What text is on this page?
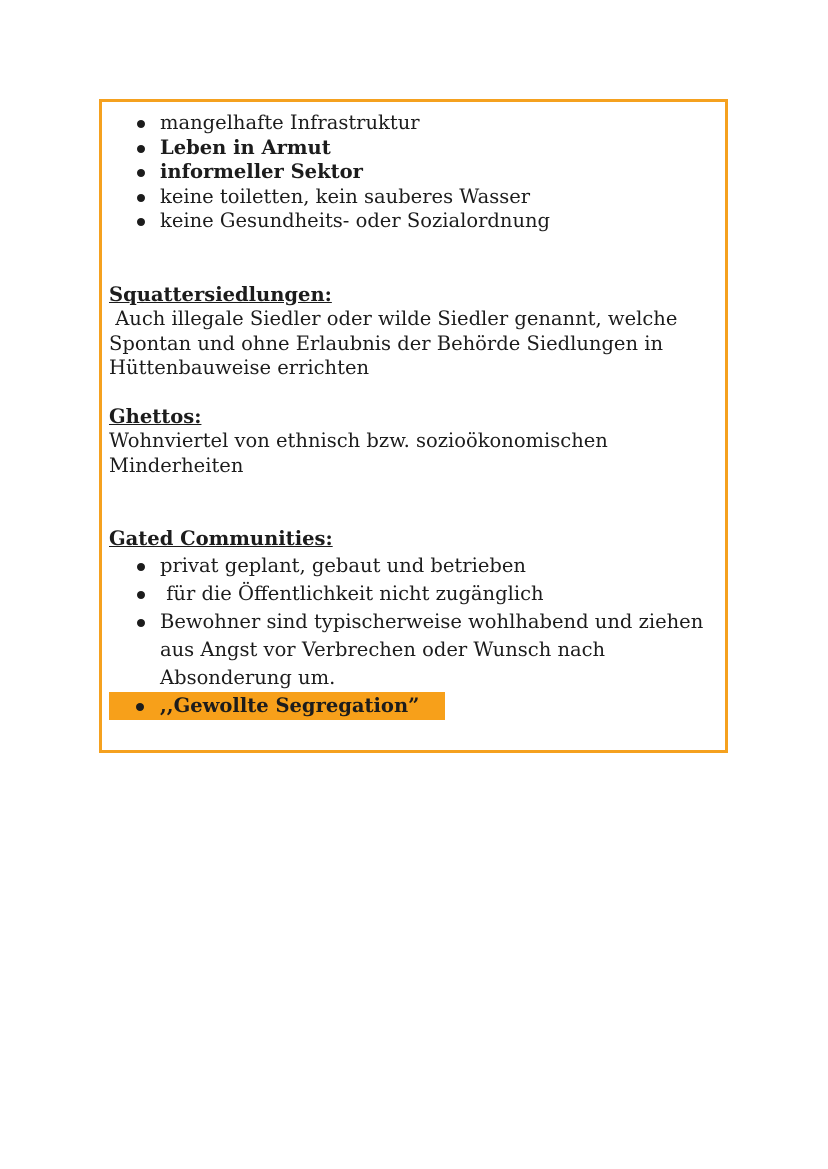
mangelhafte Infrastruktur
Leben in Armut
informeller Sektor
keine toiletten, kein sauberes Wasser
keine Gesundheits- oder Sozialordnung
Squattersiedlungen:

Auch illegale Siedler oder wilde Siedler genannt, welche

Spontan und ohne Erlaubnis der Behörde Siedlungen in

Hüttenbauweise errichten

Ghettos:

Wohnviertel von ethnisch bzw. sozioökonomischen

Minderheiten

Gated Communities:
privat geplant, gebaut und betrieben
für die Öffentlichkeit nicht zugänglich
Bewohner sind typischerweise wohlhabend und ziehen aus Angst vor Verbrechen oder Wunsch nach Absonderung um.
,,Gewollte Segregation”
